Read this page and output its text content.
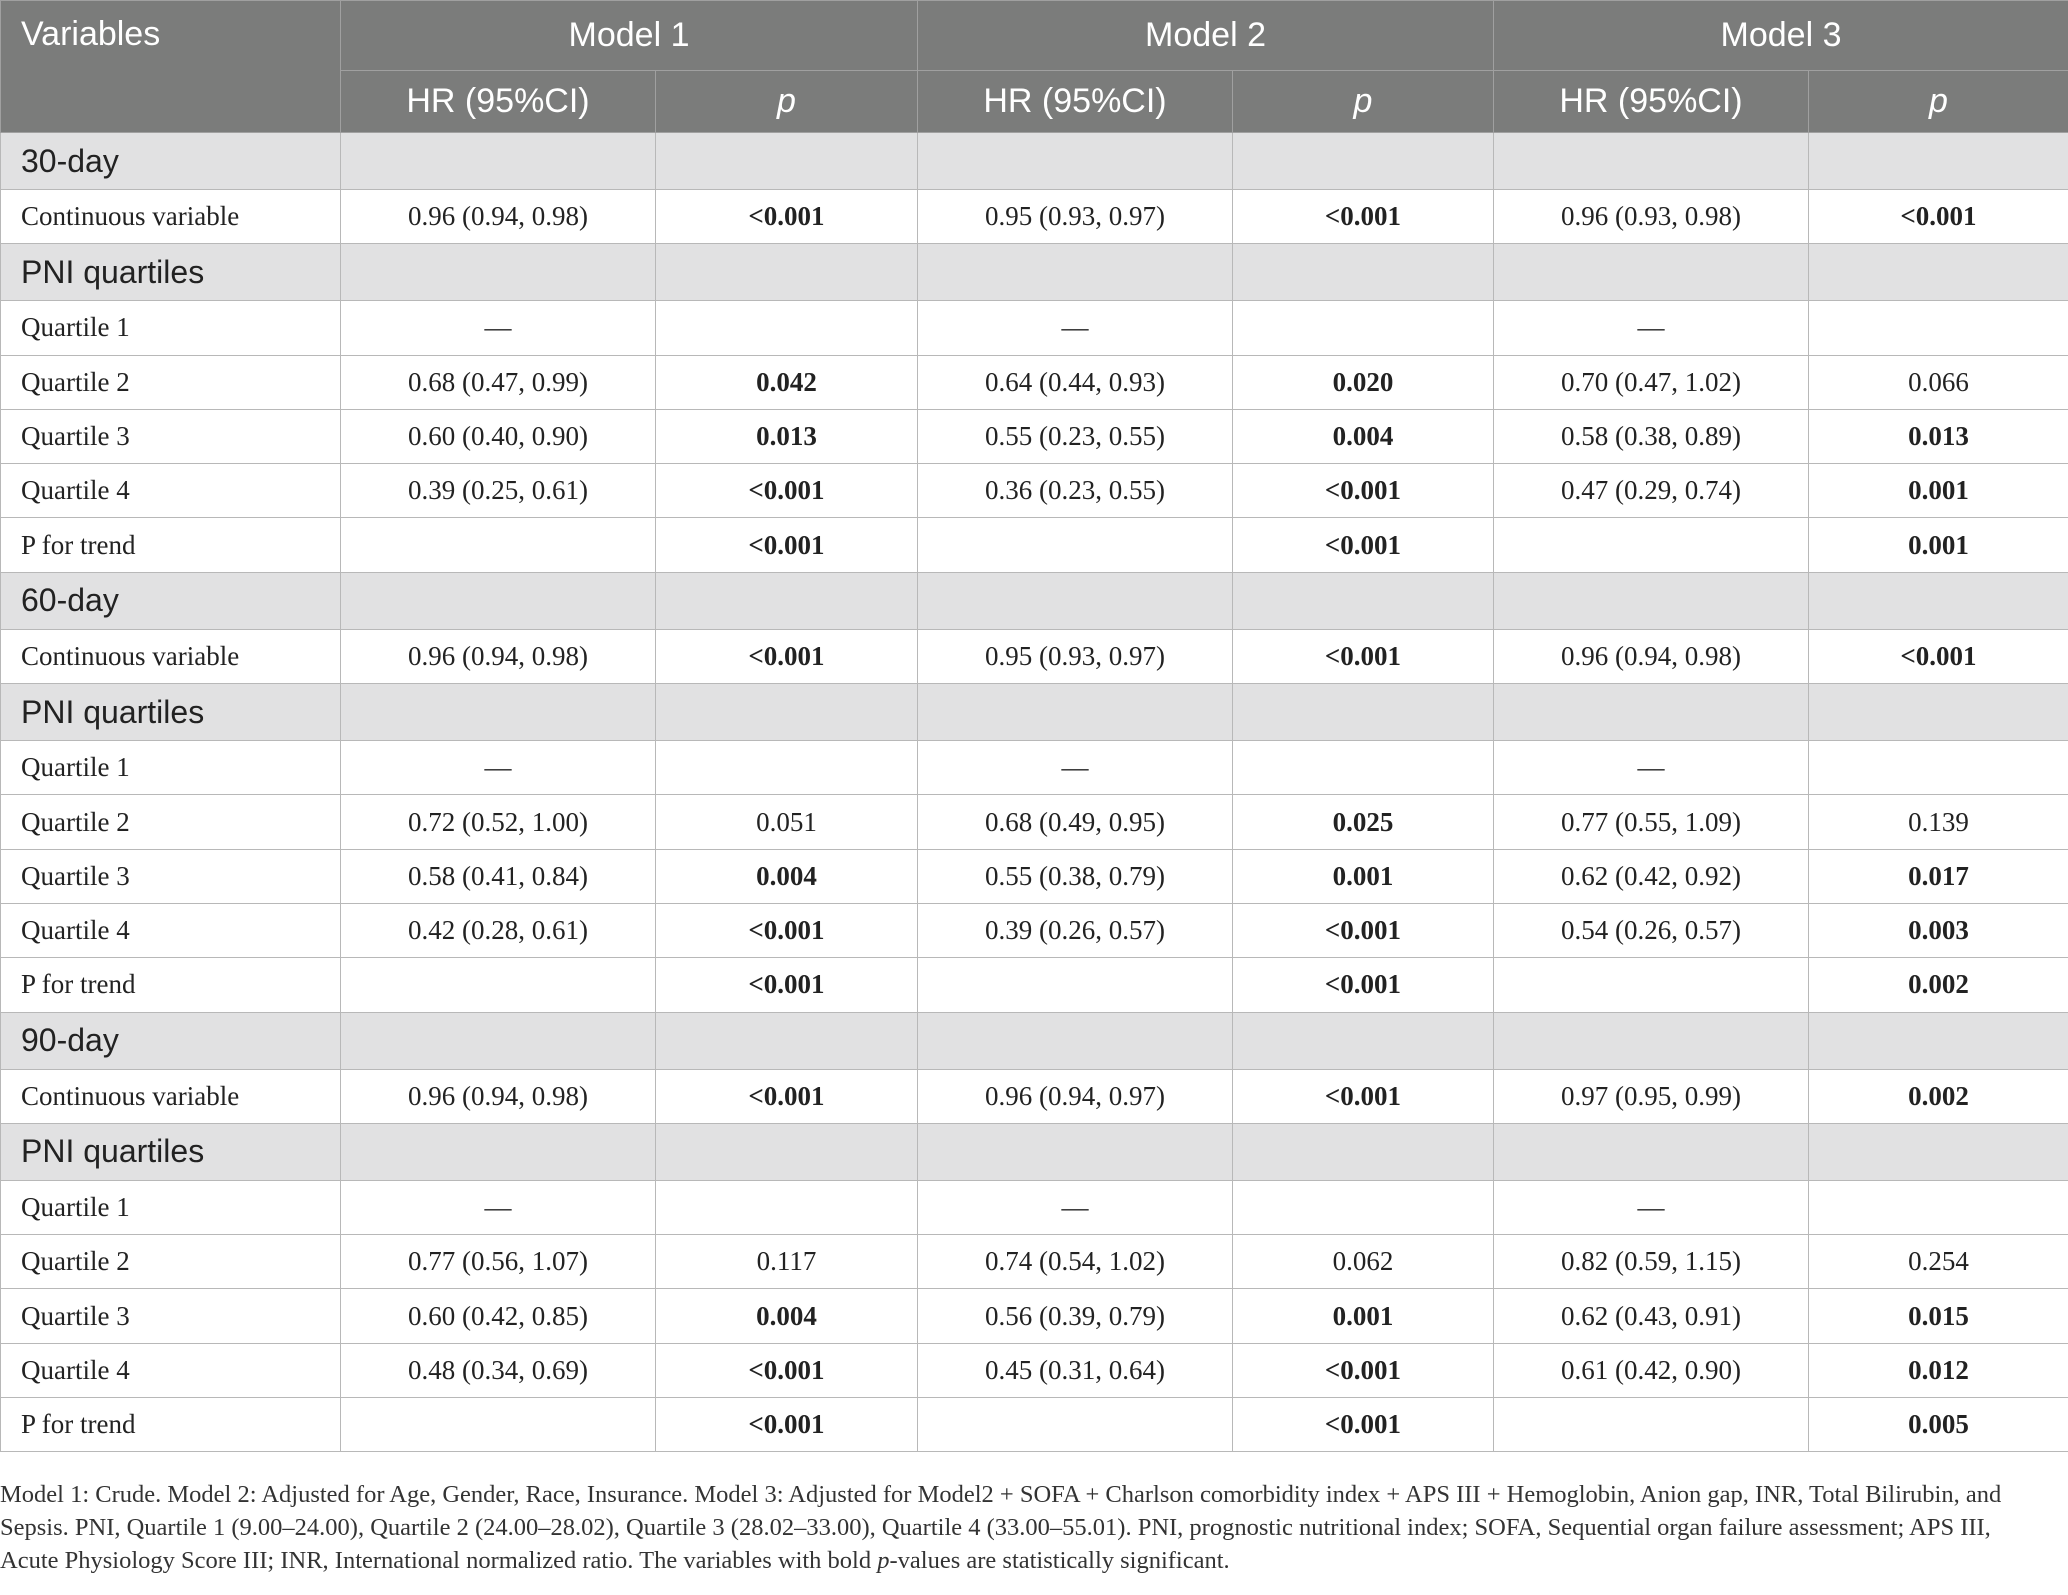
Variables	Model 1		Model 2		Model 3	
	HR (95%CI)	p	HR (95%CI)	p	HR (95%CI)	p
30-day						
Continuous variable	0.96 (0.94, 0.98)	<0.001	0.95 (0.93, 0.97)	<0.001	0.96 (0.93, 0.98)	<0.001
PNI quartiles						
Quartile 1	—		—		—	
Quartile 2	0.68 (0.47, 0.99)	0.042	0.64 (0.44, 0.93)	0.020	0.70 (0.47, 1.02)	0.066
Quartile 3	0.60 (0.40, 0.90)	0.013	0.55 (0.23, 0.55)	0.004	0.58 (0.38, 0.89)	0.013
Quartile 4	0.39 (0.25, 0.61)	<0.001	0.36 (0.23, 0.55)	<0.001	0.47 (0.29, 0.74)	0.001
P for trend		<0.001		<0.001		0.001
60-day						
Continuous variable	0.96 (0.94, 0.98)	<0.001	0.95 (0.93, 0.97)	<0.001	0.96 (0.94, 0.98)	<0.001
PNI quartiles						
Quartile 1	—		—		—	
Quartile 2	0.72 (0.52, 1.00)	0.051	0.68 (0.49, 0.95)	0.025	0.77 (0.55, 1.09)	0.139
Quartile 3	0.58 (0.41, 0.84)	0.004	0.55 (0.38, 0.79)	0.001	0.62 (0.42, 0.92)	0.017
Quartile 4	0.42 (0.28, 0.61)	<0.001	0.39 (0.26, 0.57)	<0.001	0.54 (0.26, 0.57)	0.003
P for trend		<0.001		<0.001		0.002
90-day						
Continuous variable	0.96 (0.94, 0.98)	<0.001	0.96 (0.94, 0.97)	<0.001	0.97 (0.95, 0.99)	0.002
PNI quartiles						
Quartile 1	—		—		—	
Quartile 2	0.77 (0.56, 1.07)	0.117	0.74 (0.54, 1.02)	0.062	0.82 (0.59, 1.15)	0.254
Quartile 3	0.60 (0.42, 0.85)	0.004	0.56 (0.39, 0.79)	0.001	0.62 (0.43, 0.91)	0.015
Quartile 4	0.48 (0.34, 0.69)	<0.001	0.45 (0.31, 0.64)	<0.001	0.61 (0.42, 0.90)	0.012
P for trend		<0.001		<0.001		0.005
Model 1: Crude. Model 2: Adjusted for Age, Gender, Race, Insurance. Model 3: Adjusted for Model2 + SOFA + Charlson comorbidity index + APS III + Hemoglobin, Anion gap, INR, Total Bilirubin, and Sepsis. PNI, Quartile 1 (9.00–24.00), Quartile 2 (24.00–28.02), Quartile 3 (28.02–33.00), Quartile 4 (33.00–55.01). PNI, prognostic nutritional index; SOFA, Sequential organ failure assessment; APS III, Acute Physiology Score III; INR, International normalized ratio. The variables with bold p-values are statistically significant.
